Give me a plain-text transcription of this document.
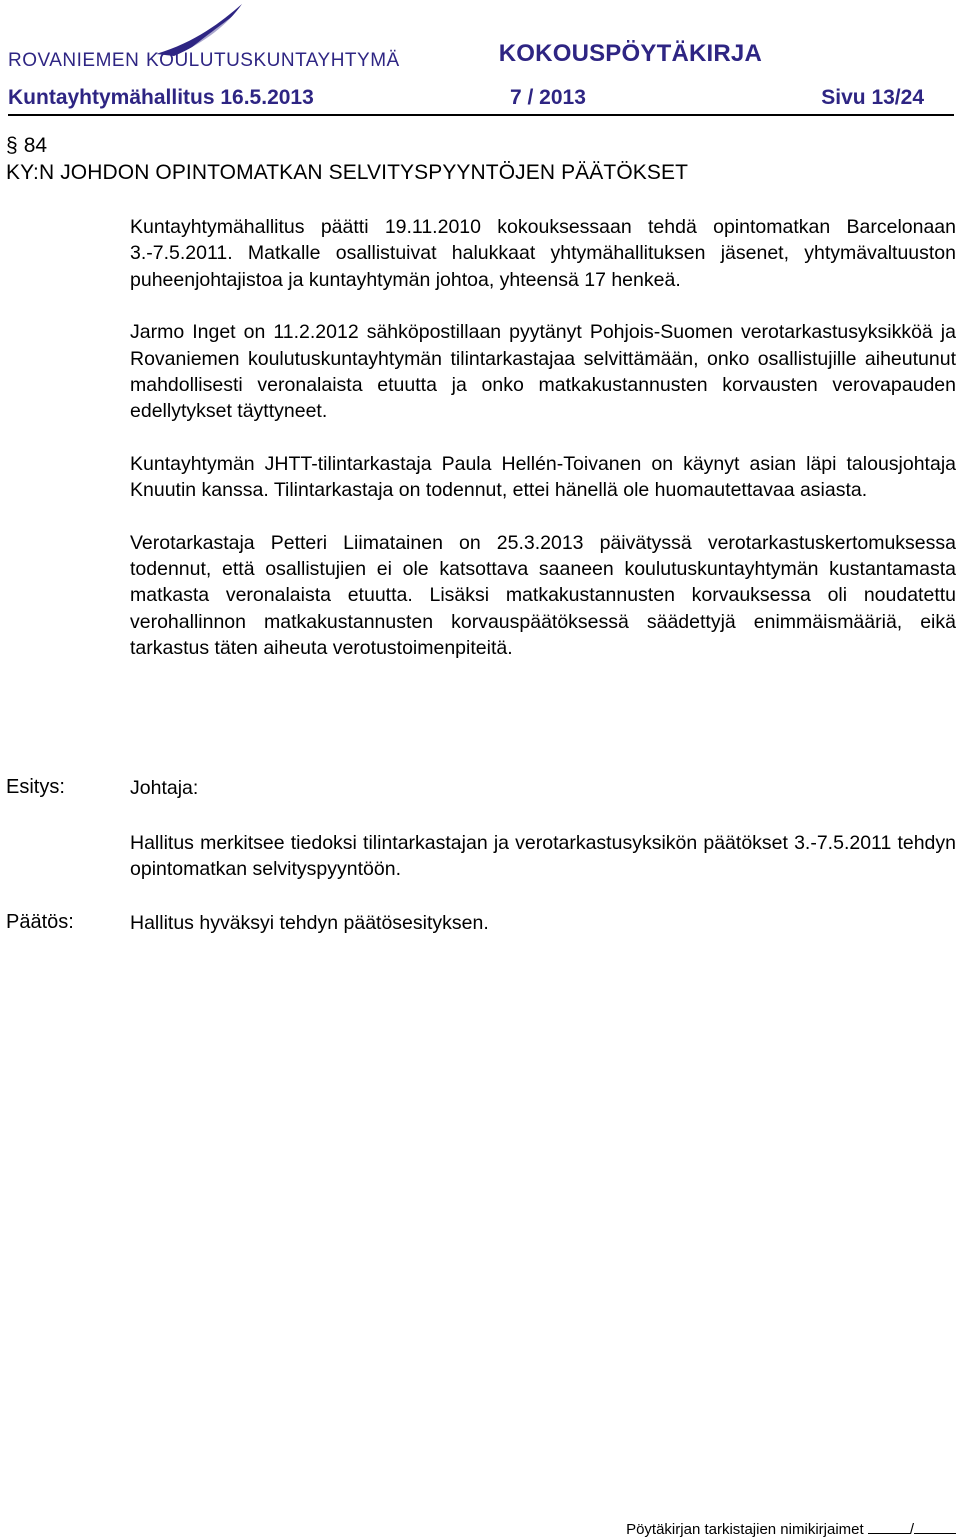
ROVANIEMEN KOULUTUSKUNTAYHTYMÄ	KOKOUSPÖYTÄKIRJA
Kuntayhtymähallitus 16.5.2013	7 / 2013	Sivu 13/24
§ 84
KY:N JOHDON OPINTOMATKAN SELVITYSPYYNTÖJEN PÄÄTÖKSET

Kuntayhtymähallitus päätti 19.11.2010 kokouksessaan tehdä opintomatkan Barcelonaan 3.-7.5.2011. Matkalle osallistuivat halukkaat yhtymähallituksen jäsenet, yhtymävaltuuston puheenjohtajistoa ja kuntayhtymän johtoa, yhteensä 17 henkeä.

Jarmo Inget on 11.2.2012 sähköpostillaan pyytänyt Pohjois-Suomen verotarkastusyksikköä ja Rovaniemen koulutuskuntayhtymän tilintarkastajaa selvittämään, onko osallistujille aiheutunut mahdollisesti veronalaista etuutta ja onko matkakustannusten korvausten verovapauden edellytykset täyttyneet.

Kuntayhtymän JHTT-tilintarkastaja Paula Hellén-Toivanen on käynyt asian läpi talousjohtaja Knuutin kanssa. Tilintarkastaja on todennut, ettei hänellä ole huomautettavaa asiasta.

Verotarkastaja Petteri Liimatainen on 25.3.2013 päivätyssä verotarkastuskertomuksessa todennut, että osallistujien ei ole katsottava saaneen koulutuskuntayhtymän kustantamasta matkasta veronalaista etuutta. Lisäksi matkakustannusten korvauksessa oli noudatettu verohallinnon matkakustannusten korvauspäätöksessä säädettyjä enimmäismääriä, eikä tarkastus täten aiheuta verotustoimenpiteitä.

Esitys:	Johtaja:
Hallitus merkitsee tiedoksi tilintarkastajan ja verotarkastusyksikön päätökset 3.-7.5.2011 tehdyn opintomatkan selvityspyyntöön.
Päätös:	Hallitus hyväksyi tehdyn päätösesityksen.
Pöytäkirjan tarkistajien nimikirjaimet	/
